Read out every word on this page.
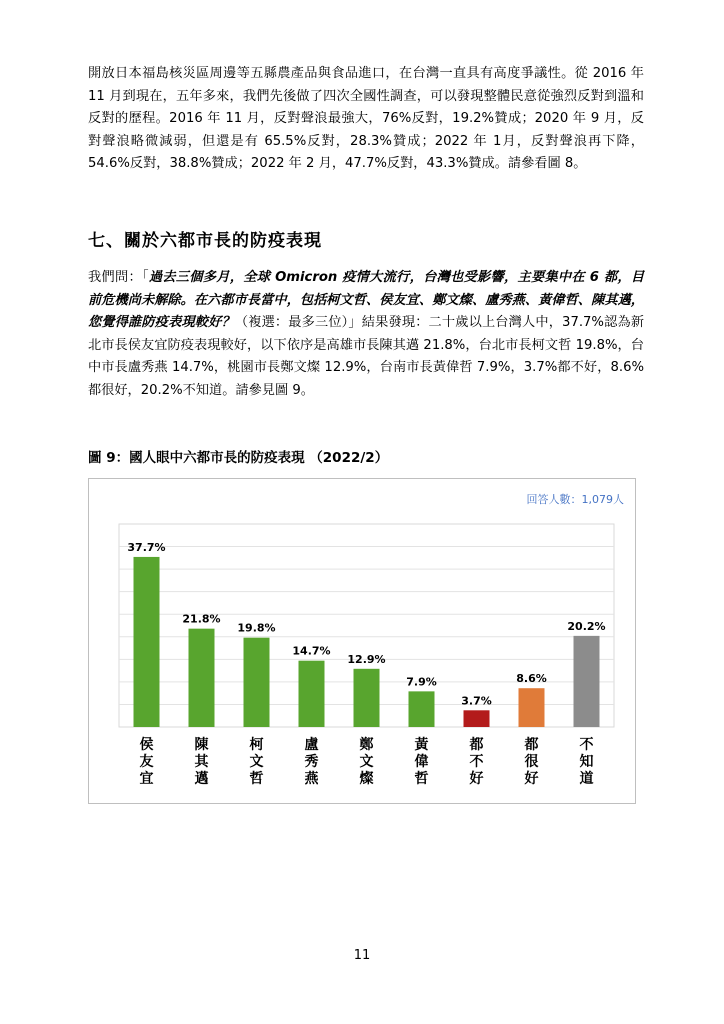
開放日本福島核災區周邊等五縣農產品與食品進口，在台灣一直具有高度爭議性。從 2016 年 11 月到現在，五年多來，我們先後做了四次全國性調查，可以發現整體民意從強烈反對到溫和反對的歷程。2016 年 11 月，反對聲浪最強大，76%反對，19.2%贊成；2020 年 9 月，反對聲浪略微減弱，但還是有 65.5%反對，28.3%贊成；2022 年 1月，反對聲浪再下降，54.6%反對，38.8%贊成；2022 年 2 月，47.7%反對，43.3%贊成。請參看圖 8。

七、關於六都市長的防疫表現

我們問：「過去三個多月，全球 Omicron 疫情大流行，台灣也受影響，主要集中在 6 都，目前危機尚未解除。在六都市長當中，包括柯文哲、侯友宜、鄭文燦、盧秀燕、黃偉哲、陳其邁，您覺得誰防疫表現較好？（複選：最多三位）」結果發現：二十歲以上台灣人中，37.7%認為新北市長侯友宜防疫表現較好，以下依序是高雄市長陳其邁 21.8%，台北市長柯文哲 19.8%，台中市長盧秀燕 14.7%，桃園市長鄭文燦 12.9%，台南市長黃偉哲 7.9%，3.7%都不好，8.6%都很好，20.2%不知道。請參見圖 9。

圖 9：國人眼中六都市長的防疫表現 （2022/2）
回答人數：1,079人
37.7%
侯友宜
21.8%
陳其邁
19.8%
柯文哲
14.7%
盧秀燕
12.9%
鄭文燦
7.9%
黃偉哲
3.7%
都不好
8.6%
都很好
20.2%
不知道
11
